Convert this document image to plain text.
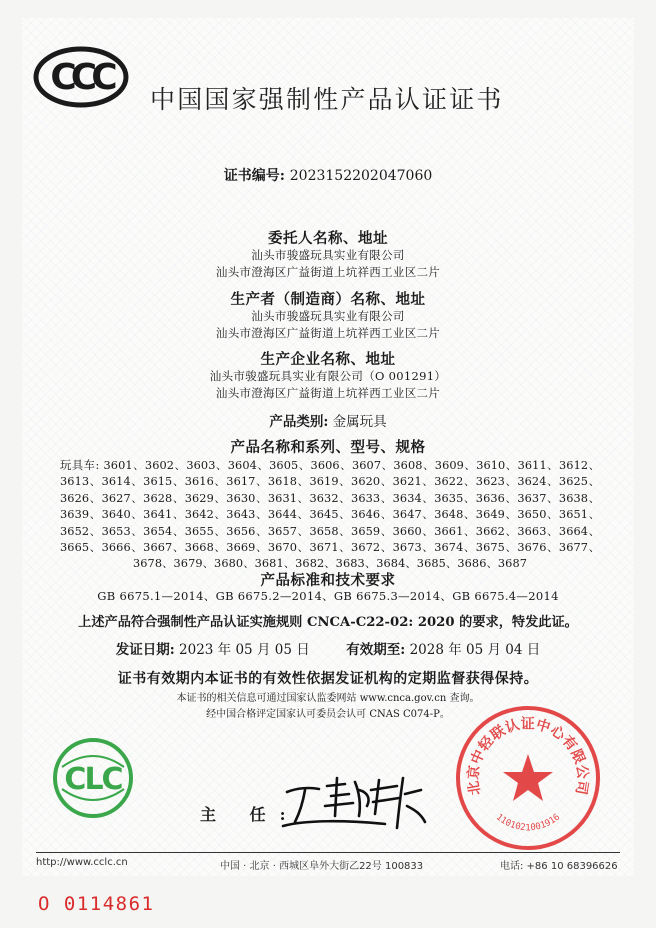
CCC
中国国家强制性产品认证证书
证书编号: 2023152202047060
委托人名称、地址
汕头市骏盛玩具实业有限公司
汕头市澄海区广益街道上坑祥西工业区二片
生产者（制造商）名称、地址
汕头市骏盛玩具实业有限公司
汕头市澄海区广益街道上坑祥西工业区二片
生产企业名称、地址
汕头市骏盛玩具实业有限公司（O 001291）
汕头市澄海区广益街道上坑祥西工业区二片
产品类别: 金属玩具
产品名称和系列、型号、规格
玩具车: 3601、3602、3603、3604、3605、3606、3607、3608、3609、3610、3611、3612、3613、3614、3615、3616、3617、3618、3619、3620、3621、3622、3623、3624、3625、3626、3627、3628、3629、3630、3631、3632、3633、3634、3635、3636、3637、3638、3639、3640、3641、3642、3643、3644、3645、3646、3647、3648、3649、3650、3651、3652、3653、3654、3655、3656、3657、3658、3659、3660、3661、3662、3663、3664、3665、3666、3667、3668、3669、3670、3671、3672、3673、3674、3675、3676、3677、3678、3679、3680、3681、3682、3683、3684、3685、3686、3687
产品标准和技术要求
GB 6675.1—2014、GB 6675.2—2014、GB 6675.3—2014、GB 6675.4—2014
上述产品符合强制性产品认证实施规则 CNCA-C22-02: 2020 的要求，特发此证。
发证日期: 2023 年 05 月 05 日	有效期至: 2028 年 05 月 04 日
证书有效期内本证书的有效性依据发证机构的定期监督获得保持。
本证书的相关信息可通过国家认监委网站 www.cnca.gov.cn 查询。
经中国合格评定国家认可委员会认可 CNAS C074-P。
CLC
主 任:
北京中轻联认证中心有限公司
1101021001916
http://www.cclc.cn	中国 · 北京 · 西城区阜外大街乙22号 100833	电话: +86 10 68396626
O 0114861
